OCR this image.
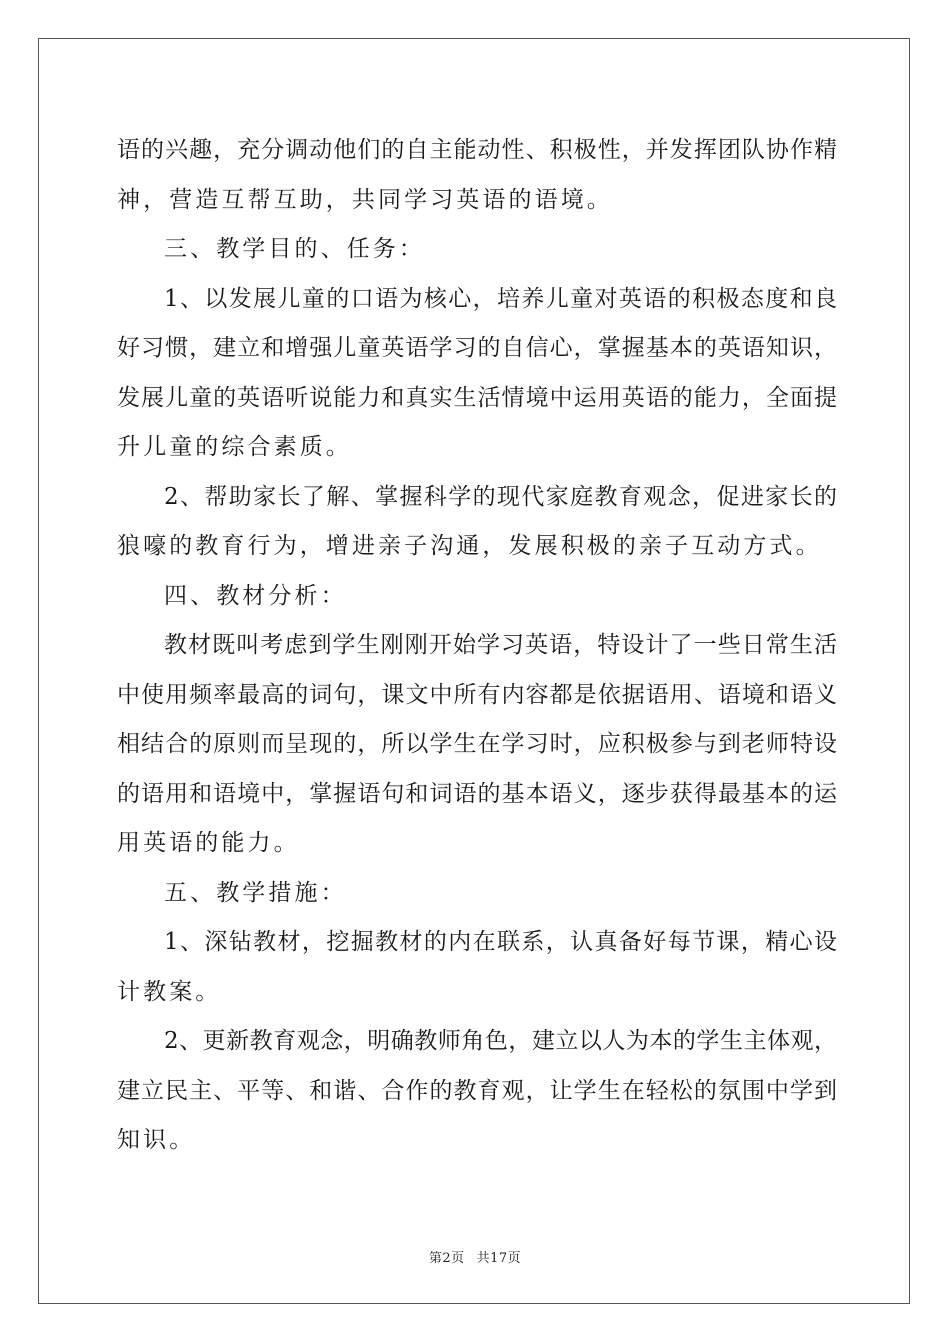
语的兴趣，充分调动他们的自主能动性、积极性，并发挥团队协作精
神，营造互帮互助，共同学习英语的语境。
三、教学目的、任务：
1、以发展儿童的口语为核心，培养儿童对英语的积极态度和良
好习惯，建立和增强儿童英语学习的自信心，掌握基本的英语知识，
发展儿童的英语听说能力和真实生活情境中运用英语的能力，全面提
升儿童的综合素质。
2、帮助家长了解、掌握科学的现代家庭教育观念，促进家长的
狼嚎的教育行为，增进亲子沟通，发展积极的亲子互动方式。
四、教材分析：
教材既叫考虑到学生刚刚开始学习英语，特设计了一些日常生活
中使用频率最高的词句，课文中所有内容都是依据语用、语境和语义
相结合的原则而呈现的，所以学生在学习时，应积极参与到老师特设
的语用和语境中，掌握语句和词语的基本语义，逐步获得最基本的运
用英语的能力。
五、教学措施：
1、深钻教材，挖掘教材的内在联系，认真备好每节课，精心设
计教案。
2、更新教育观念，明确教师角色，建立以人为本的学生主体观，
建立民主、平等、和谐、合作的教育观，让学生在轻松的氛围中学到
知识。
第2页 共17页
